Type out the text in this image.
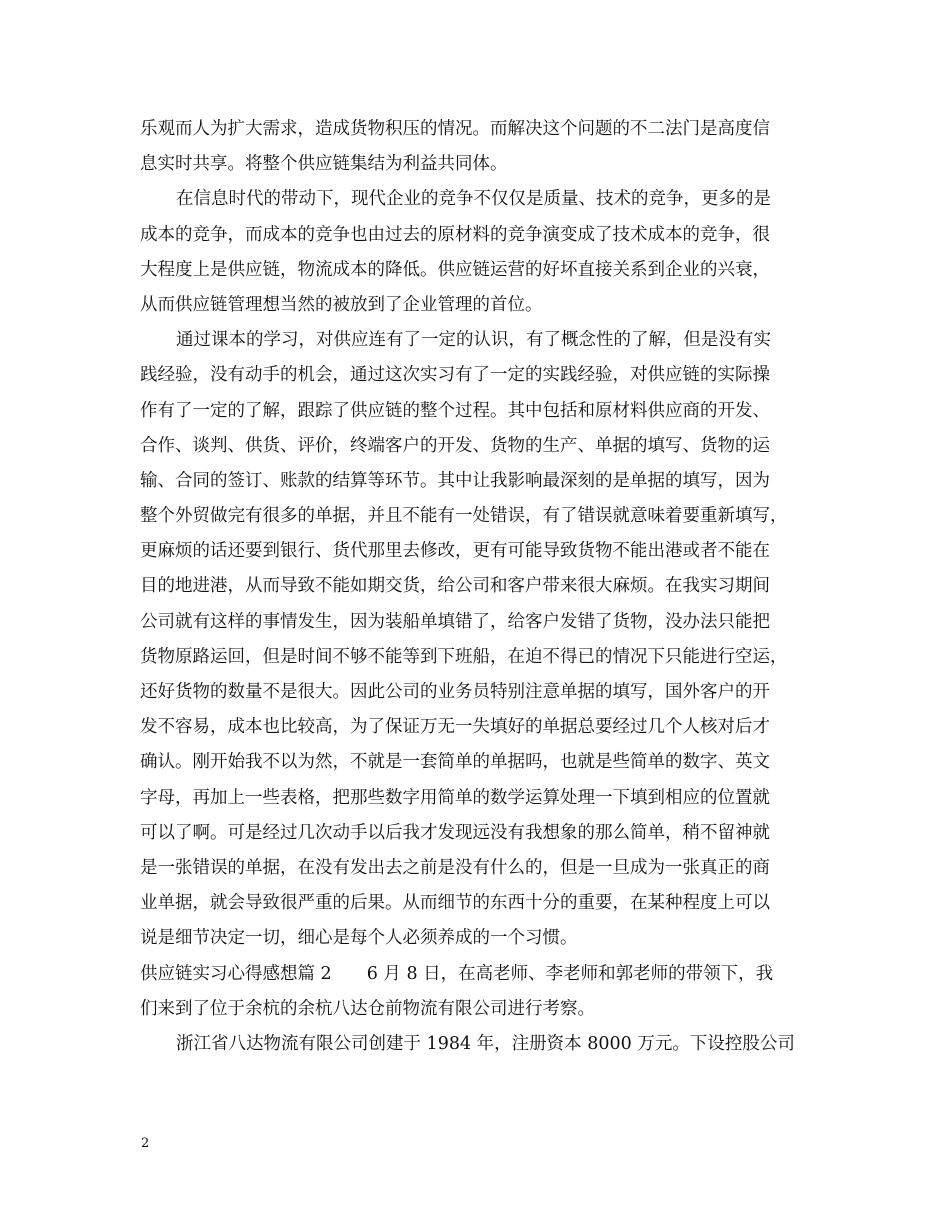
乐观而人为扩大需求，造成货物积压的情况。而解决这个问题的不二法门是高度信
息实时共享。将整个供应链集结为利益共同体。
在信息时代的带动下，现代企业的竞争不仅仅是质量、技术的竞争，更多的是
成本的竞争，而成本的竞争也由过去的原材料的竞争演变成了技术成本的竞争，很
大程度上是供应链，物流成本的降低。供应链运营的好坏直接关系到企业的兴衰，
从而供应链管理想当然的被放到了企业管理的首位。
通过课本的学习，对供应连有了一定的认识，有了概念性的了解，但是没有实
践经验，没有动手的机会，通过这次实习有了一定的实践经验，对供应链的实际操
作有了一定的了解，跟踪了供应链的整个过程。其中包括和原材料供应商的开发、
合作、谈判、供货、评价，终端客户的开发、货物的生产、单据的填写、货物的运
输、合同的签订、账款的结算等环节。其中让我影响最深刻的是单据的填写，因为
整个外贸做完有很多的单据，并且不能有一处错误，有了错误就意味着要重新填写，
更麻烦的话还要到银行、货代那里去修改，更有可能导致货物不能出港或者不能在
目的地进港，从而导致不能如期交货，给公司和客户带来很大麻烦。在我实习期间
公司就有这样的事情发生，因为装船单填错了，给客户发错了货物，没办法只能把
货物原路运回，但是时间不够不能等到下班船，在迫不得已的情况下只能进行空运，
还好货物的数量不是很大。因此公司的业务员特别注意单据的填写，国外客户的开
发不容易，成本也比较高，为了保证万无一失填好的单据总要经过几个人核对后才
确认。刚开始我不以为然，不就是一套简单的单据吗，也就是些简单的数字、英文
字母，再加上一些表格，把那些数字用简单的数学运算处理一下填到相应的位置就
可以了啊。可是经过几次动手以后我才发现远没有我想象的那么简单，稍不留神就
是一张错误的单据，在没有发出去之前是没有什么的，但是一旦成为一张真正的商
业单据，就会导致很严重的后果。从而细节的东西十分的重要，在某种程度上可以
说是细节决定一切，细心是每个人必须养成的一个习惯。
供应链实习心得感想篇 2　　6 月 8 日，在高老师、李老师和郭老师的带领下，我
们来到了位于余杭的余杭八达仓前物流有限公司进行考察。
浙江省八达物流有限公司创建于 1984 年，注册资本 8000 万元。下设控股公司
2
